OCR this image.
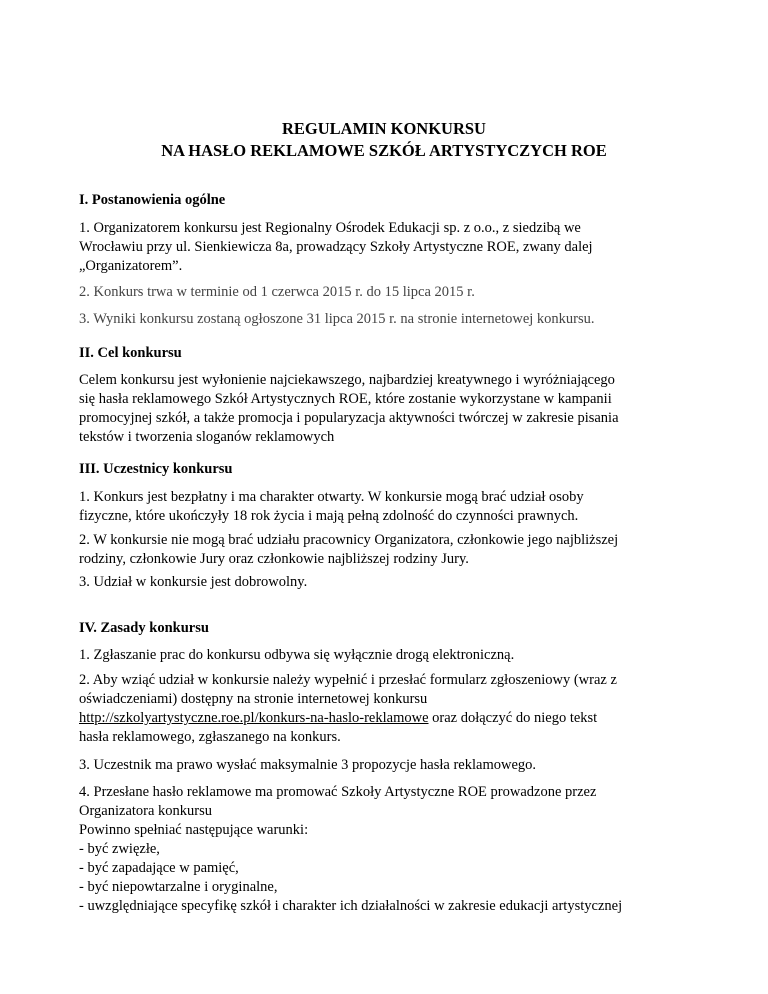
REGULAMIN KONKURSU

NA HASŁO REKLAMOWE SZKÓŁ ARTYSTYCZYCH ROE

I. Postanowienia ogólne

1. Organizatorem konkursu jest Regionalny Ośrodek Edukacji sp. z o.o., z siedzibą we
Wrocławiu przy ul. Sienkiewicza 8a, prowadzący Szkoły Artystyczne ROE, zwany dalej
„Organizatorem”.

2. Konkurs trwa w terminie od 1 czerwca 2015 r. do 15 lipca 2015 r.

3. Wyniki konkursu zostaną ogłoszone 31 lipca 2015 r. na stronie internetowej konkursu.

II. Cel konkursu

Celem konkursu jest wyłonienie najciekawszego, najbardziej kreatywnego i wyróżniającego
się hasła reklamowego Szkół Artystycznych ROE, które zostanie wykorzystane w kampanii
promocyjnej szkół, a także promocja i popularyzacja aktywności twórczej w zakresie pisania
tekstów i tworzenia sloganów reklamowych

III. Uczestnicy konkursu

1. Konkurs jest bezpłatny i ma charakter otwarty. W konkursie mogą brać udział osoby
fizyczne, które ukończyły 18 rok życia i mają pełną zdolność do czynności prawnych.
2. W konkursie nie mogą brać udziału pracownicy Organizatora, członkowie jego najbliższej
rodziny, członkowie Jury oraz członkowie najbliższej rodziny Jury.

3. Udział w konkursie jest dobrowolny.

IV. Zasady konkursu

1. Zgłaszanie prac do konkursu odbywa się wyłącznie drogą elektroniczną.

2. Aby wziąć udział w konkursie należy wypełnić i przesłać formularz zgłoszeniowy (wraz z
oświadczeniami) dostępny na stronie internetowej konkursu
http://szkolyartystyczne.roe.pl/konkurs-na-haslo-reklamowe oraz dołączyć do niego tekst
hasła reklamowego, zgłaszanego na konkurs.

3. Uczestnik ma prawo wysłać maksymalnie 3 propozycje hasła reklamowego.

4. Przesłane hasło reklamowe ma promować Szkoły Artystyczne ROE prowadzone przez
Organizatora konkursu
Powinno spełniać następujące warunki:
- być zwięzłe,
- być zapadające w pamięć,
- być niepowtarzalne i oryginalne,
- uwzględniające specyfikę szkół i charakter ich działalności w zakresie edukacji artystycznej
